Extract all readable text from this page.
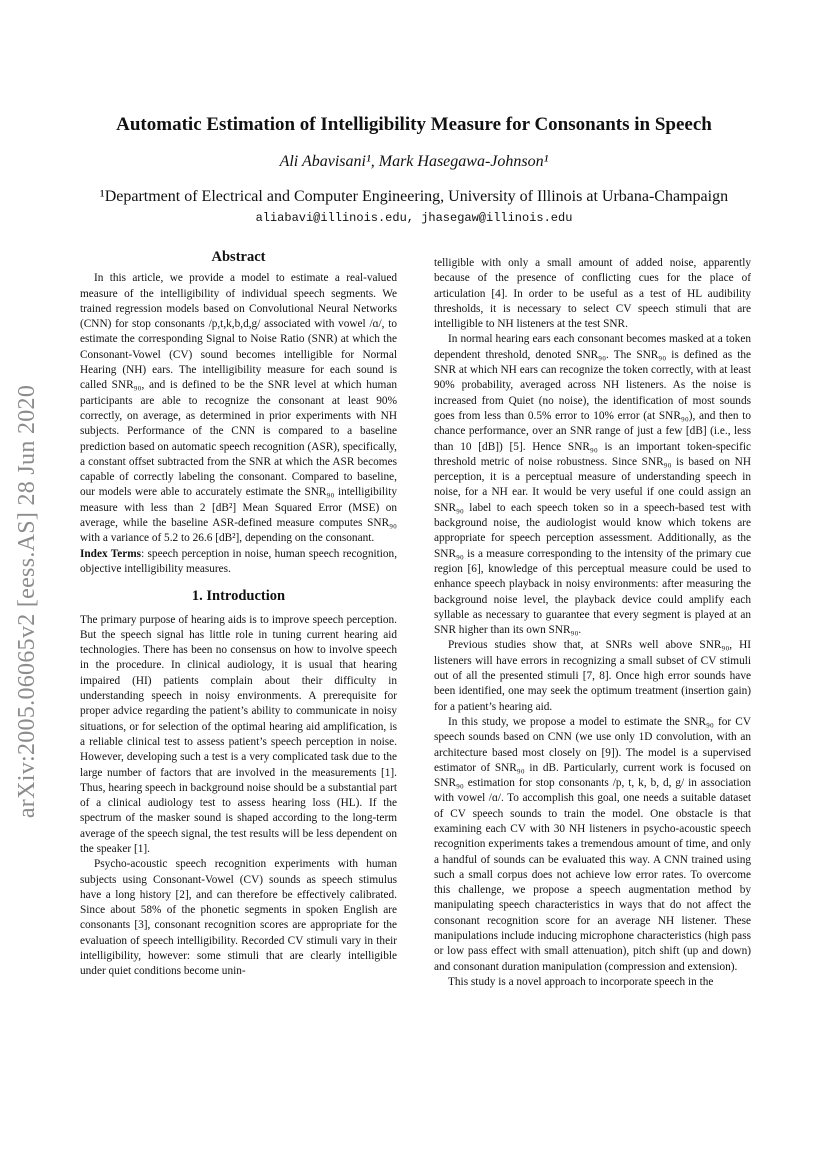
arXiv:2005.06065v2 [eess.AS] 28 Jun 2020
Automatic Estimation of Intelligibility Measure for Consonants in Speech
Ali Abavisani¹, Mark Hasegawa-Johnson¹
¹Department of Electrical and Computer Engineering, University of Illinois at Urbana-Champaign
aliabavi@illinois.edu, jhasegaw@illinois.edu
Abstract

In this article, we provide a model to estimate a real-valued measure of the intelligibility of individual speech segments. We trained regression models based on Convolutional Neural Networks (CNN) for stop consonants /p,t,k,b,d,g/ associated with vowel /ɑ/, to estimate the corresponding Signal to Noise Ratio (SNR) at which the Consonant-Vowel (CV) sound becomes intelligible for Normal Hearing (NH) ears. The intelligibility measure for each sound is called SNR₉₀, and is defined to be the SNR level at which human participants are able to recognize the consonant at least 90% correctly, on average, as determined in prior experiments with NH subjects. Performance of the CNN is compared to a baseline prediction based on automatic speech recognition (ASR), specifically, a constant offset subtracted from the SNR at which the ASR becomes capable of correctly labeling the consonant. Compared to baseline, our models were able to accurately estimate the SNR₉₀ intelligibility measure with less than 2 [dB²] Mean Squared Error (MSE) on average, while the baseline ASR-defined measure computes SNR₉₀ with a variance of 5.2 to 26.6 [dB²], depending on the consonant.

Index Terms: speech perception in noise, human speech recognition, objective intelligibility measures.

1. Introduction

The primary purpose of hearing aids is to improve speech perception. But the speech signal has little role in tuning current hearing aid technologies. There has been no consensus on how to involve speech in the procedure. In clinical audiology, it is usual that hearing impaired (HI) patients complain about their difficulty in understanding speech in noisy environments. A prerequisite for proper advice regarding the patient’s ability to communicate in noisy situations, or for selection of the optimal hearing aid amplification, is a reliable clinical test to assess patient’s speech perception in noise. However, developing such a test is a very complicated task due to the large number of factors that are involved in the measurements [1]. Thus, hearing speech in background noise should be a substantial part of a clinical audiology test to assess hearing loss (HL). If the spectrum of the masker sound is shaped according to the long-term average of the speech signal, the test results will be less dependent on the speaker [1].

Psycho-acoustic speech recognition experiments with human subjects using Consonant-Vowel (CV) sounds as speech stimulus have a long history [2], and can therefore be effectively calibrated. Since about 58% of the phonetic segments in spoken English are consonants [3], consonant recognition scores are appropriate for the evaluation of speech intelligibility. Recorded CV stimuli vary in their intelligibility, however: some stimuli that are clearly intelligible under quiet conditions become unin-

telligible with only a small amount of added noise, apparently because of the presence of conflicting cues for the place of articulation [4]. In order to be useful as a test of HL audibility thresholds, it is necessary to select CV speech stimuli that are intelligible to NH listeners at the test SNR.

In normal hearing ears each consonant becomes masked at a token dependent threshold, denoted SNR₉₀. The SNR₉₀ is defined as the SNR at which NH ears can recognize the token correctly, with at least 90% probability, averaged across NH listeners. As the noise is increased from Quiet (no noise), the identification of most sounds goes from less than 0.5% error to 10% error (at SNR₉₀), and then to chance performance, over an SNR range of just a few [dB] (i.e., less than 10 [dB]) [5]. Hence SNR₉₀ is an important token-specific threshold metric of noise robustness. Since SNR₉₀ is based on NH perception, it is a perceptual measure of understanding speech in noise, for a NH ear. It would be very useful if one could assign an SNR₉₀ label to each speech token so in a speech-based test with background noise, the audiologist would know which tokens are appropriate for speech perception assessment. Additionally, as the SNR₉₀ is a measure corresponding to the intensity of the primary cue region [6], knowledge of this perceptual measure could be used to enhance speech playback in noisy environments: after measuring the background noise level, the playback device could amplify each syllable as necessary to guarantee that every segment is played at an SNR higher than its own SNR₉₀.

Previous studies show that, at SNRs well above SNR₉₀, HI listeners will have errors in recognizing a small subset of CV stimuli out of all the presented stimuli [7, 8]. Once high error sounds have been identified, one may seek the optimum treatment (insertion gain) for a patient’s hearing aid.

In this study, we propose a model to estimate the SNR₉₀ for CV speech sounds based on CNN (we use only 1D convolution, with an architecture based most closely on [9]). The model is a supervised estimator of SNR₉₀ in dB. Particularly, current work is focused on SNR₉₀ estimation for stop consonants /p, t, k, b, d, g/ in association with vowel /ɑ/. To accomplish this goal, one needs a suitable dataset of CV speech sounds to train the model. One obstacle is that examining each CV with 30 NH listeners in psycho-acoustic speech recognition experiments takes a tremendous amount of time, and only a handful of sounds can be evaluated this way. A CNN trained using such a small corpus does not achieve low error rates. To overcome this challenge, we propose a speech augmentation method by manipulating speech characteristics in ways that do not affect the consonant recognition score for an average NH listener. These manipulations include inducing microphone characteristics (high pass or low pass effect with small attenuation), pitch shift (up and down) and consonant duration manipulation (compression and extension).

This study is a novel approach to incorporate speech in the
